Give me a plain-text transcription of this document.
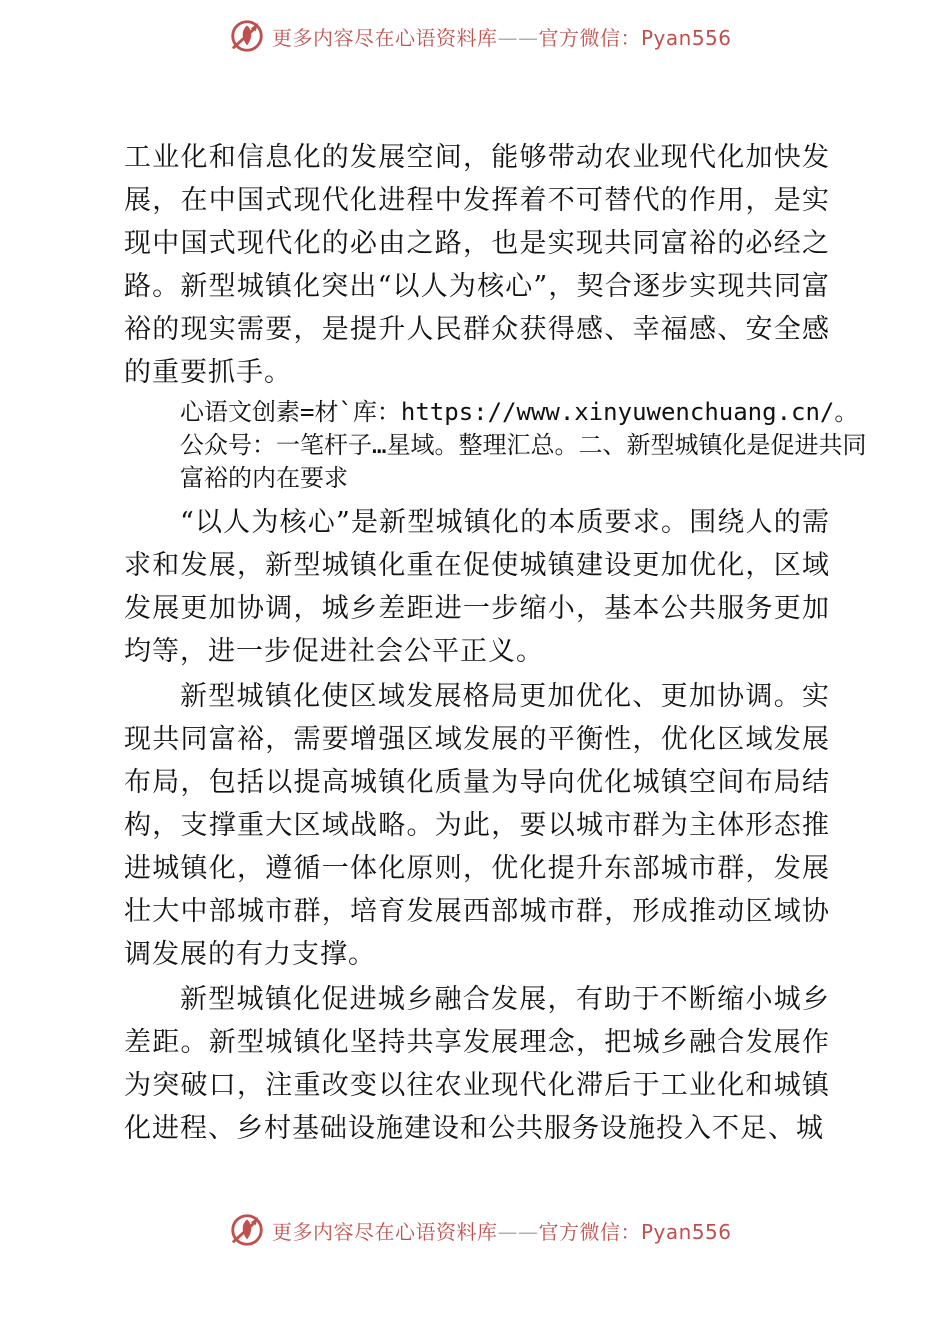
更多内容尽在心语资料库——官方微信：Pyan556

工业化和信息化的发展空间，能够带动农业现代化加快发展，在中国式现代化进程中发挥着不可替代的作用，是实现中国式现代化的必由之路，也是实现共同富裕的必经之路。新型城镇化突出“以人为核心”，契合逐步实现共同富裕的现实需要，是提升人民群众获得感、幸福感、安全感的重要抓手。

心语文创素=材`库：https://www.xinyuwenchuang.cn/。公众号：一笔杆子…星域。整理汇总。二、新型城镇化是促进共同富裕的内在要求

“以人为核心”是新型城镇化的本质要求。围绕人的需求和发展，新型城镇化重在促使城镇建设更加优化，区域发展更加协调，城乡差距进一步缩小，基本公共服务更加均等，进一步促进社会公平正义。

新型城镇化使区域发展格局更加优化、更加协调。实现共同富裕，需要增强区域发展的平衡性，优化区域发展布局，包括以提高城镇化质量为导向优化城镇空间布局结构，支撑重大区域战略。为此，要以城市群为主体形态推进城镇化，遵循一体化原则，优化提升东部城市群，发展壮大中部城市群，培育发展西部城市群，形成推动区域协调发展的有力支撑。

新型城镇化促进城乡融合发展，有助于不断缩小城乡差距。新型城镇化坚持共享发展理念，把城乡融合发展作为突破口，注重改变以往农业现代化滞后于工业化和城镇化进程、乡村基础设施建设和公共服务设施投入不足、城

更多内容尽在心语资料库——官方微信：Pyan556
